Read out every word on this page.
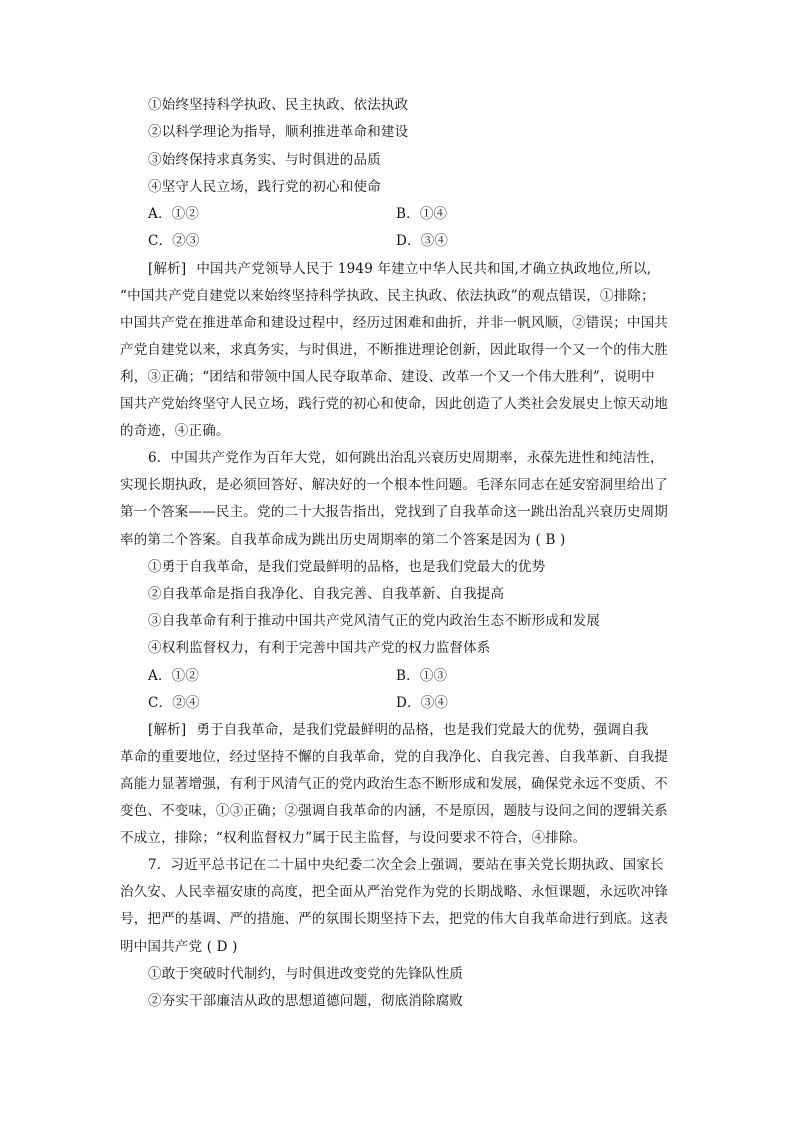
①始终坚持科学执政、民主执政、依法执政
②以科学理论为指导，顺利推进革命和建设
③始终保持求真务实、与时俱进的品质
④坚守人民立场，践行党的初心和使命
A．①②	B．①④
C．②③	D．③④
[解析] 中国共产党领导人民于 1949 年建立中华人民共和国,才确立执政地位,所以,
“中国共产党自建党以来始终坚持科学执政、民主执政、依法执政”的观点错误，①排除；
中国共产党在推进革命和建设过程中，经历过困难和曲折，并非一帆风顺，②错误；中国共
产党自建党以来，求真务实，与时俱进，不断推进理论创新，因此取得一个又一个的伟大胜
利，③正确；“团结和带领中国人民夺取革命、建设、改革一个又一个伟大胜利”，说明中
国共产党始终坚守人民立场，践行党的初心和使命，因此创造了人类社会发展史上惊天动地
的奇迹，④正确。
6．中国共产党作为百年大党，如何跳出治乱兴衰历史周期率，永葆先进性和纯洁性，
实现长期执政，是必须回答好、解决好的一个根本性问题。毛泽东同志在延安窑洞里给出了
第一个答案——民主。党的二十大报告指出，党找到了自我革命这一跳出治乱兴衰历史周期
率的第二个答案。自我革命成为跳出历史周期率的第二个答案是因为 ( B )
①勇于自我革命，是我们党最鲜明的品格，也是我们党最大的优势
②自我革命是指自我净化、自我完善、自我革新、自我提高
③自我革命有利于推动中国共产党风清气正的党内政治生态不断形成和发展
④权利监督权力，有利于完善中国共产党的权力监督体系
A．①②	B．①③
C．②④	D．③④
[解析] 勇于自我革命，是我们党最鲜明的品格，也是我们党最大的优势，强调自我
革命的重要地位，经过坚持不懈的自我革命，党的自我净化、自我完善、自我革新、自我提
高能力显著增强，有利于风清气正的党内政治生态不断形成和发展，确保党永远不变质、不
变色、不变味，①③正确；②强调自我革命的内涵，不是原因，题肢与设问之间的逻辑关系
不成立，排除；“权利监督权力”属于民主监督，与设问要求不符合，④排除。
7．习近平总书记在二十届中央纪委二次全会上强调，要站在事关党长期执政、国家长
治久安、人民幸福安康的高度，把全面从严治党作为党的长期战略、永恒课题，永远吹冲锋
号，把严的基调、严的措施、严的氛围长期坚持下去，把党的伟大自我革命进行到底。这表
明中国共产党 ( D )
①敢于突破时代制约，与时俱进改变党的先锋队性质
②夯实干部廉洁从政的思想道德问题，彻底消除腐败
